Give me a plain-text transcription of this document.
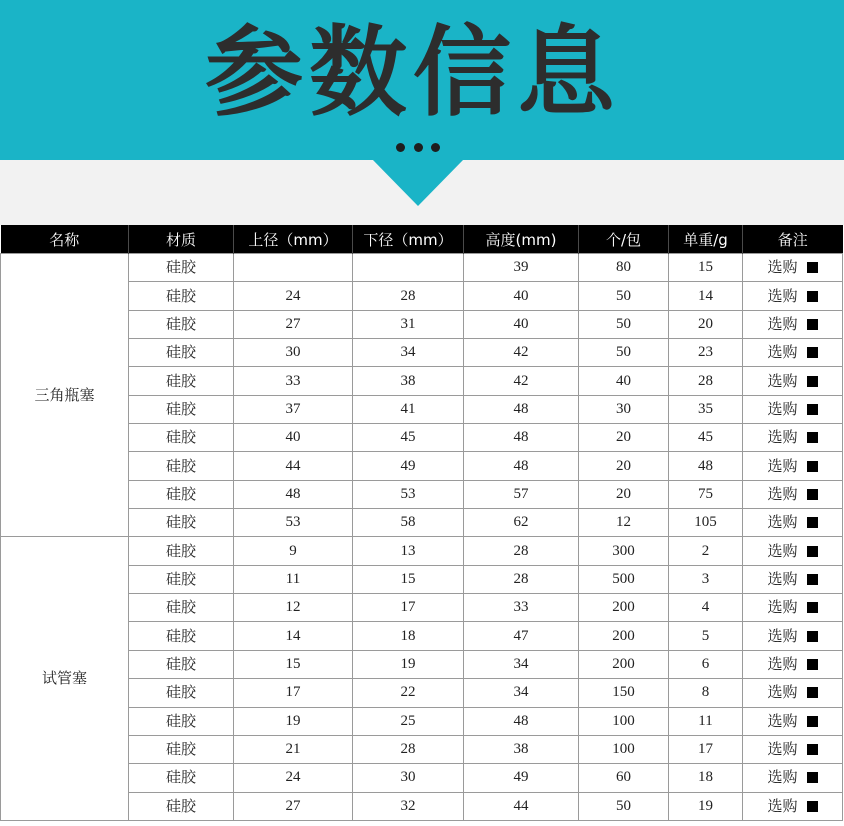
参数信息
名称	材质	上径（mm）	下径（mm）	高度(mm)	个/包	单重/g	备注
三角瓶塞	硅胶			39	80	15	选购

	硅胶	24	28	40	50	14	选购

	硅胶	27	31	40	50	20	选购

	硅胶	30	34	42	50	23	选购

	硅胶	33	38	42	40	28	选购

	硅胶	37	41	48	30	35	选购

	硅胶	40	45	48	20	45	选购

	硅胶	44	49	48	20	48	选购

	硅胶	48	53	57	20	75	选购

	硅胶	53	58	62	12	105	选购

试管塞	硅胶	9	13	28	300	2	选购

	硅胶	11	15	28	500	3	选购

	硅胶	12	17	33	200	4	选购

	硅胶	14	18	47	200	5	选购

	硅胶	15	19	34	200	6	选购

	硅胶	17	22	34	150	8	选购

	硅胶	19	25	48	100	11	选购

	硅胶	21	28	38	100	17	选购

	硅胶	24	30	49	60	18	选购

	硅胶	27	32	44	50	19	选购
